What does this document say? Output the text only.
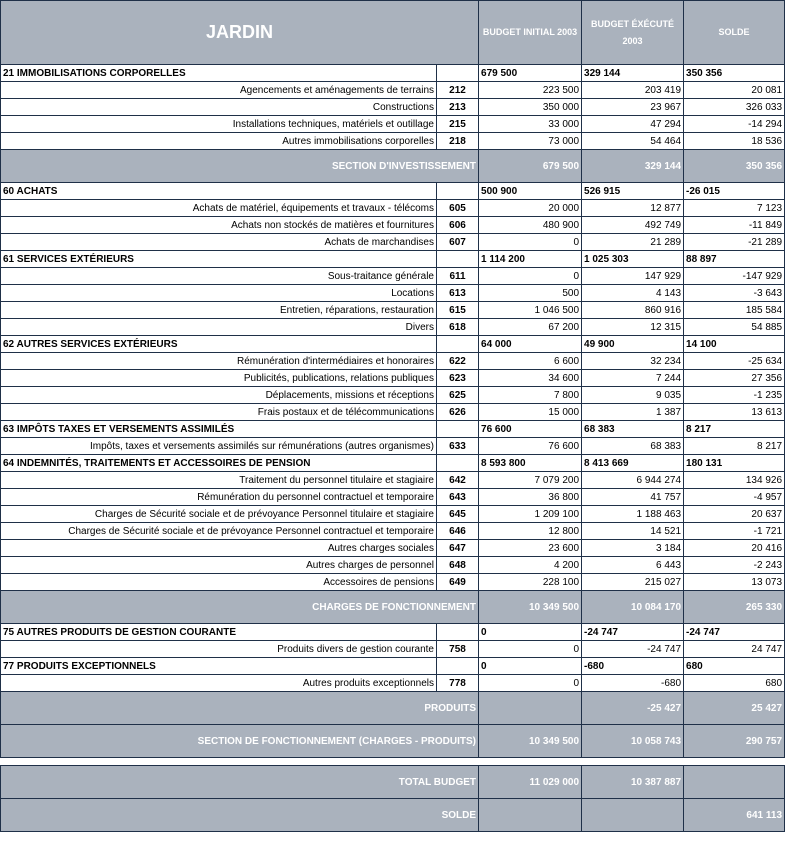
JARDIN		BUDGET INITIAL 2003	BUDGET ÉXÉCUTÉ 2003	SOLDE
21 IMMOBILISATIONS CORPORELLES		679 500	329 144	350 356
Agencements et aménagements de terrains	212	223 500	203 419	20 081
Constructions	213	350 000	23 967	326 033
Installations techniques, matériels et outillage	215	33 000	47 294	-14 294
Autres immobilisations corporelles	218	73 000	54 464	18 536
SECTION D'INVESTISSEMENT		679 500	329 144	350 356
60 ACHATS		500 900	526 915	-26 015
Achats de matériel, équipements et travaux - télécoms	605	20 000	12 877	7 123
Achats non stockés de matières et fournitures	606	480 900	492 749	-11 849
Achats de marchandises	607	0	21 289	-21 289
61 SERVICES EXTÉRIEURS		1 114 200	1 025 303	88 897
Sous-traitance générale	611	0	147 929	-147 929
Locations	613	500	4 143	-3 643
Entretien, réparations, restauration	615	1 046 500	860 916	185 584
Divers	618	67 200	12 315	54 885
62 AUTRES SERVICES EXTÉRIEURS		64 000	49 900	14 100
Rémunération d'intermédiaires et honoraires	622	6 600	32 234	-25 634
Publicités, publications, relations publiques	623	34 600	7 244	27 356
Déplacements, missions et réceptions	625	7 800	9 035	-1 235
Frais postaux et de télécommunications	626	15 000	1 387	13 613
63 IMPÔTS TAXES ET VERSEMENTS ASSIMILÉS		76 600	68 383	8 217
Impôts, taxes et versements assimilés sur rémunérations (autres organismes)	633	76 600	68 383	8 217
64 INDEMNITÉS, TRAITEMENTS ET ACCESSOIRES DE PENSION		8 593 800	8 413 669	180 131
Traitement du personnel titulaire et stagiaire	642	7 079 200	6 944 274	134 926
Rémunération du personnel contractuel et temporaire	643	36 800	41 757	-4 957
Charges de Sécurité sociale et de prévoyance Personnel titulaire et stagiaire	645	1 209 100	1 188 463	20 637
Charges de Sécurité sociale et de prévoyance Personnel contractuel et temporaire	646	12 800	14 521	-1 721
Autres charges sociales	647	23 600	3 184	20 416
Autres charges de personnel	648	4 200	6 443	-2 243
Accessoires de pensions	649	228 100	215 027	13 073
CHARGES DE FONCTIONNEMENT		10 349 500	10 084 170	265 330
75 AUTRES PRODUITS DE GESTION COURANTE		0	-24 747	-24 747
Produits divers de gestion courante	758	0	-24 747	24 747
77 PRODUITS EXCEPTIONNELS		0	-680	680
Autres produits exceptionnels	778	0	-680	680
PRODUITS			-25 427	25 427
SECTION DE FONCTIONNEMENT (CHARGES - PRODUITS)		10 349 500	10 058 743	290 757

TOTAL BUDGET		11 029 000	10 387 887	
SOLDE				641 113
